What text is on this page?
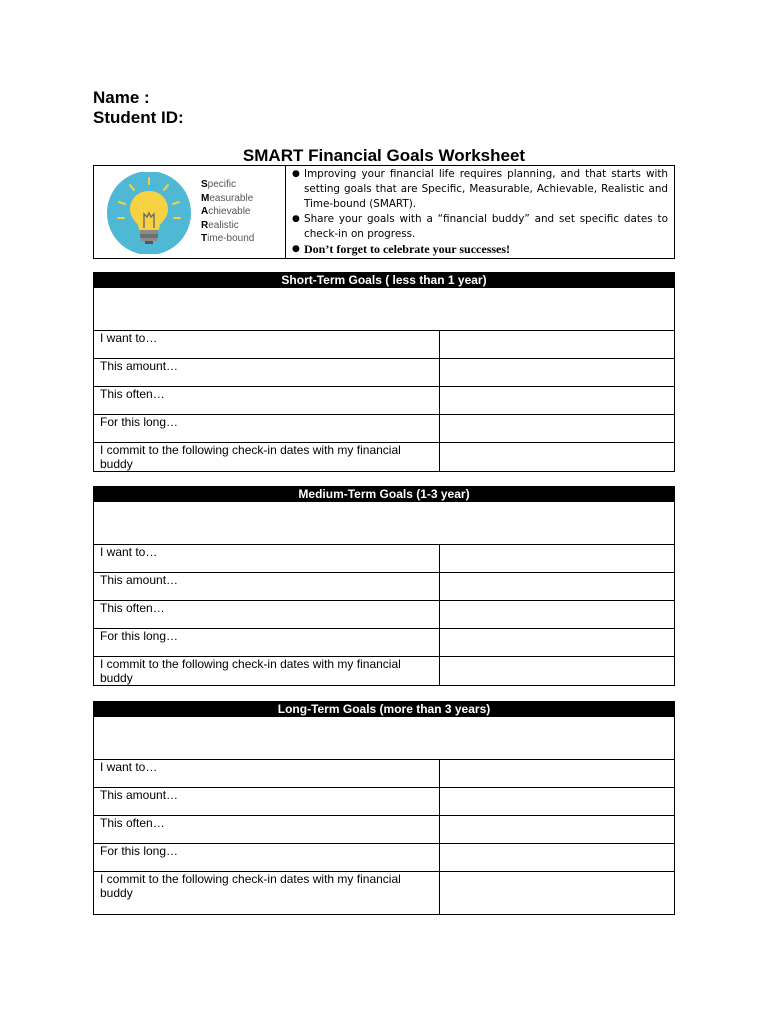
Name :
Student ID:
SMART Financial Goals Worksheet
Specific
Measurable
Achievable
Realistic
Time-bound
● Improving your financial life requires planning, and that starts with setting goals that are Specific, Measurable, Achievable, Realistic and Time-bound (SMART).
● Share your goals with a “financial buddy” and set specific dates to check-in on progress.
● Don’t forget to celebrate your successes!
Short-Term Goals ( less than 1 year)
I want to…
This amount…
This often…
For this long…
I commit to the following check-in dates with my financial buddy
Medium-Term Goals (1-3 year)
I want to…
This amount…
This often…
For this long…
I commit to the following check-in dates with my financial buddy
Long-Term Goals (more than 3 years)
I want to…
This amount…
This often…
For this long…
I commit to the following check-in dates with my financial buddy
